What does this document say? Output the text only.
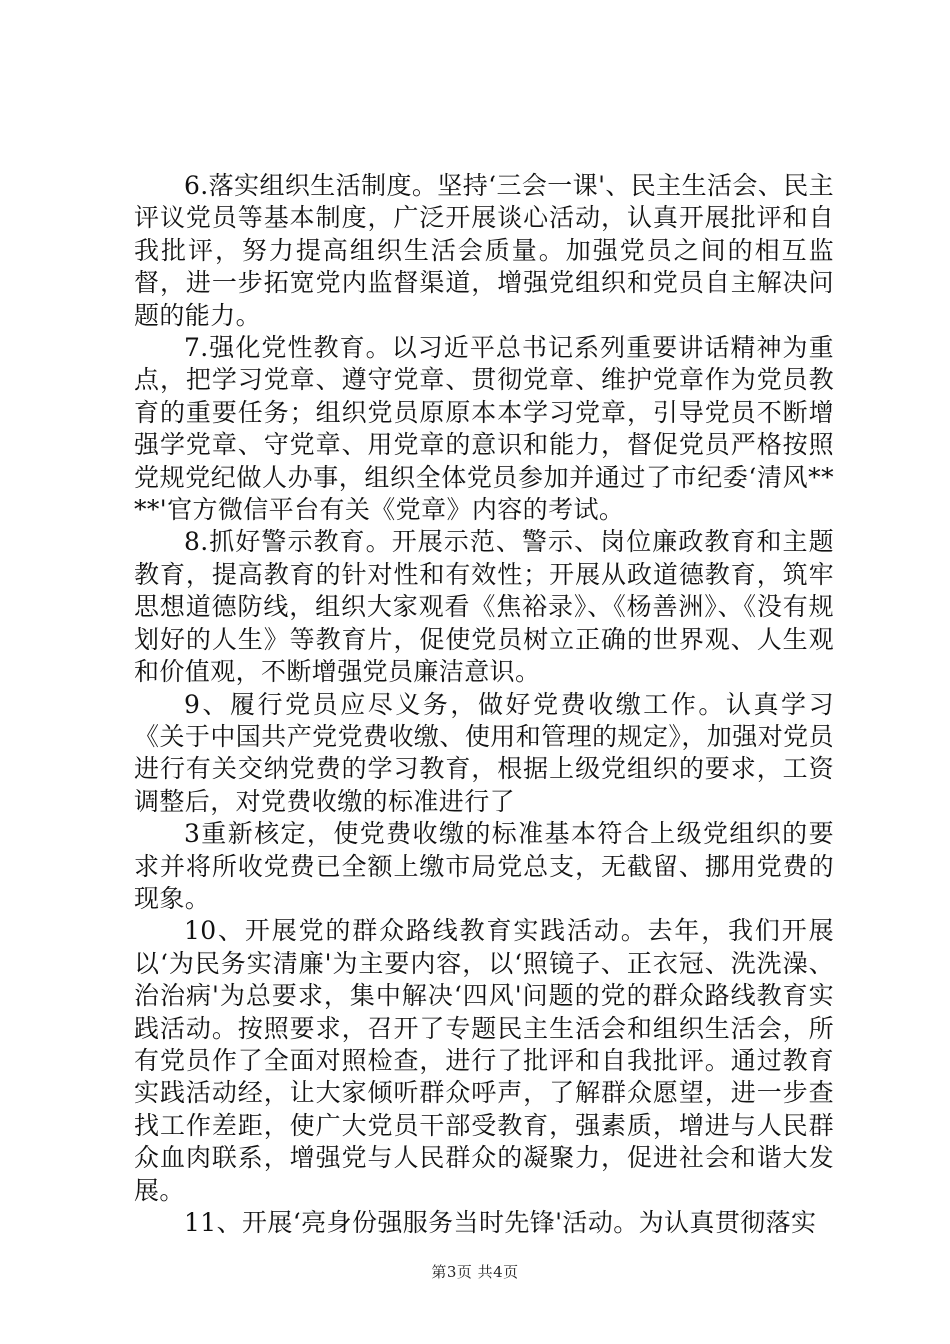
6.落实组织生活制度。坚持‘三会一课'、民主生活会、民主评议党员等基本制度，广泛开展谈心活动，认真开展批评和自我批评，努力提高组织生活会质量。加强党员之间的相互监督，进一步拓宽党内监督渠道，增强党组织和党员自主解决问题的能力。

7.强化党性教育。以习近平总书记系列重要讲话精神为重点，把学习党章、遵守党章、贯彻党章、维护党章作为党员教育的重要任务；组织党员原原本本学习党章，引导党员不断增强学党章、守党章、用党章的意识和能力，督促党员严格按照党规党纪做人办事，组织全体党员参加并通过了市纪委‘清风****'官方微信平台有关《党章》内容的考试。

8.抓好警示教育。开展示范、警示、岗位廉政教育和主题教育，提高教育的针对性和有效性；开展从政道德教育，筑牢思想道德防线，组织大家观看《焦裕录》、《杨善洲》、《没有规划好的人生》等教育片，促使党员树立正确的世界观、人生观和价值观，不断增强党员廉洁意识。

9、履行党员应尽义务，做好党费收缴工作。认真学习《关于中国共产党党费收缴、使用和管理的规定》，加强对党员进行有关交纳党费的学习教育，根据上级党组织的要求，工资调整后，对党费收缴的标准进行了

3重新核定，使党费收缴的标准基本符合上级党组织的要求并将所收党费已全额上缴市局党总支，无截留、挪用党费的现象。

10、开展党的群众路线教育实践活动。去年，我们开展以‘为民务实清廉'为主要内容，以‘照镜子、正衣冠、洗洗澡、治治病'为总要求，集中解决‘四风'问题的党的群众路线教育实践活动。按照要求，召开了专题民主生活会和组织生活会，所有党员作了全面对照检查，进行了批评和自我批评。通过教育实践活动经，让大家倾听群众呼声，了解群众愿望，进一步查找工作差距，使广大党员干部受教育，强素质，增进与人民群众血肉联系，增强党与人民群众的凝聚力，促进社会和谐大发展。

11、开展‘亮身份强服务当时先锋'活动。为认真贯彻落实

第3页 共4页
